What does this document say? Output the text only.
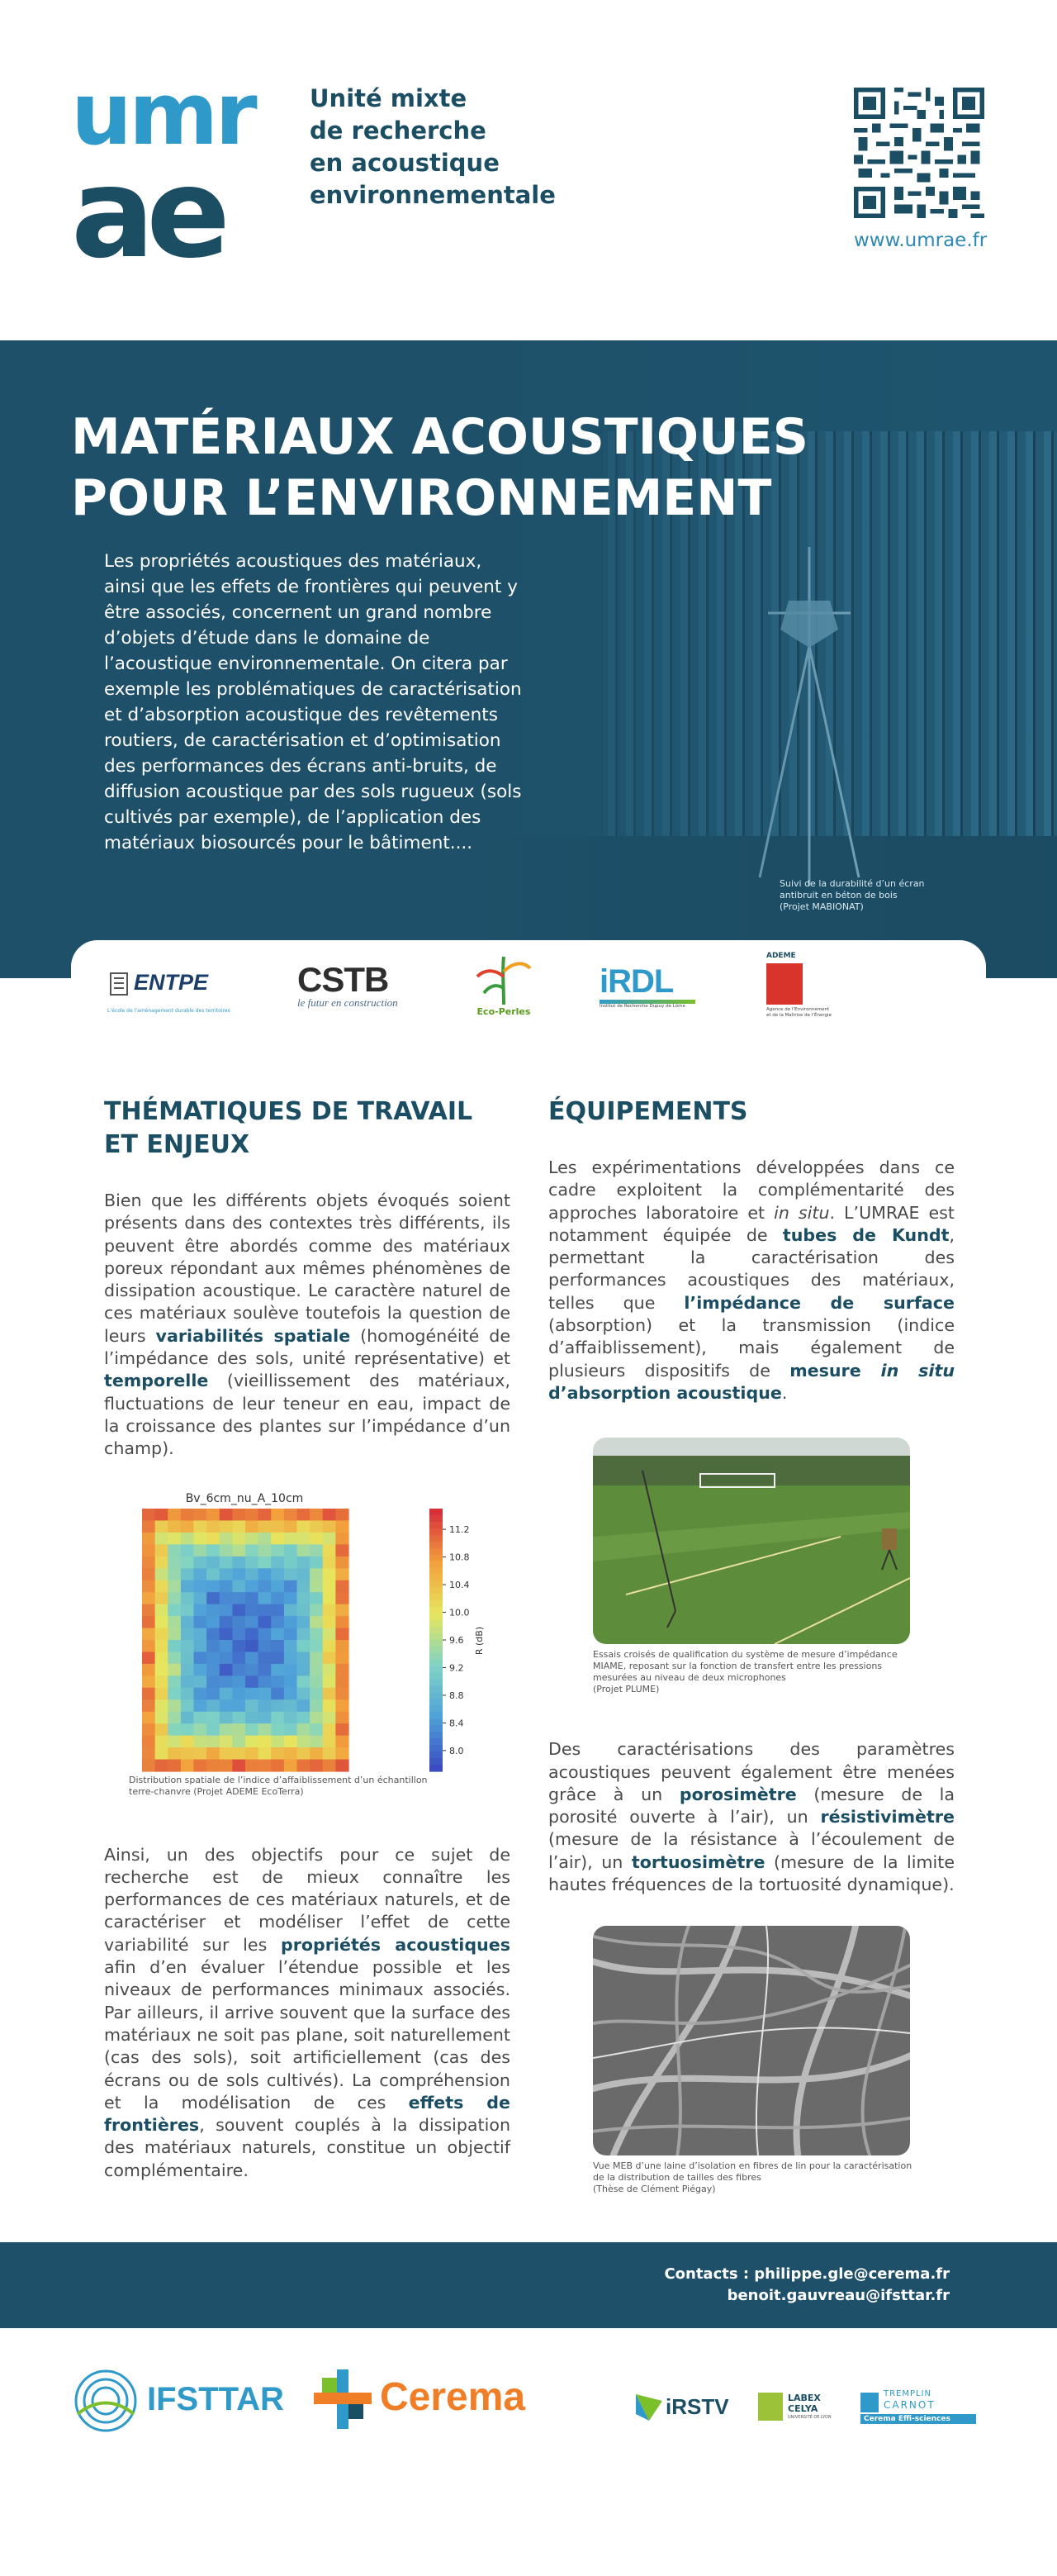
umr
ae
Unité mixte
de recherche
en acoustique
environnementale
www.umrae.fr
MATÉRIAUX ACOUSTIQUES
POUR L’ENVIRONNEMENT

Les propriétés acoustiques des matériaux, ainsi que les effets de frontières qui peuvent y être associés, concernent un grand nombre d’objets d’étude dans le domaine de l’acoustique environnementale. On citera par exemple les problématiques de caractérisation et d’absorption acoustique des revêtements routiers, de caractérisation et d’optimisation des performances des écrans anti-bruits, de diffusion acoustique par des sols rugueux (sols cultivés par exemple), de l’application des matériaux biosourcés pour le bâtiment....

Suivi de la durabilité d’un écran
antibruit en béton de bois
(Projet MABIONAT)
ENTPE
L’école de l’aménagement durable des territoires
CSTB
le futur en construction
Eco-Perles
iRDL
Institut de Recherche Dupuy de Lôme
ADEME
Agence de l’Environnement et de la Maîtrise de l’Énergie
THÉMATIQUES DE TRAVAIL ET ENJEUX

Bien que les différents objets évoqués soient présents dans des contextes très différents, ils peuvent être abordés comme des matériaux poreux répondant aux mêmes phénomènes de dissipation acoustique. Le caractère naturel de ces matériaux soulève toutefois la question de leurs variabilités spatiale (homogénéité de l’impédance des sols, unité représentative) et temporelle (vieillissement des matériaux, fluctuations de leur teneur en eau, impact de la croissance des plantes sur l’impédance d’un champ).

Bv_6cm_nu_A_10cm
11.2
10.8
10.4
10.0
9.6
9.2
8.8
8.4
8.0
R (dB)
Distribution spatiale de l’indice d’affaiblissement d’un échantillon
terre-chanvre (Projet ADEME EcoTerra)

Ainsi, un des objectifs pour ce sujet de recherche est de mieux connaître les performances de ces matériaux naturels, et de caractériser et modéliser l’effet de cette variabilité sur les propriétés acoustiques afin d’en évaluer l’étendue possible et les niveaux de performances minimaux associés. Par ailleurs, il arrive souvent que la surface des matériaux ne soit pas plane, soit naturellement (cas des sols), soit artificiellement (cas des écrans ou de sols cultivés). La compréhension et la modélisation de ces effets de frontières, souvent couplés à la dissipation des matériaux naturels, constitue un objectif complémentaire.

ÉQUIPEMENTS

Les expérimentations développées dans ce cadre exploitent la complémentarité des approches laboratoire et in situ. L’UMRAE est notamment équipée de tubes de Kundt, permettant la caractérisation des performances acoustiques des matériaux, telles que l’impédance de surface (absorption) et la transmission (indice d’affaiblissement), mais également de plusieurs dispositifs de mesure in situ d’absorption acoustique.

Essais croisés de qualification du système de mesure d’impédance
MIAME, reposant sur la fonction de transfert entre les pressions
mesurées au niveau de deux microphones
(Projet PLUME)

Des caractérisations des paramètres acoustiques peuvent également être menées grâce à un porosimètre (mesure de la porosité ouverte à l’air), un résistivimètre (mesure de la résistance à l’écoulement de l’air), un tortuosimètre (mesure de la limite hautes fréquences de la tortuosité dynamique).

Vue MEB d’une laine d’isolation en fibres de lin pour la caractérisation
de la distribution de tailles des fibres
(Thèse de Clément Piégay)
Contacts : philippe.gle@cerema.fr
benoit.gauvreau@ifsttar.fr
IFSTTAR Cerema	iRSTV	LABEX
CELYA
UNIVERSITÉ DE LYON
TREMPLIN
CARNOT
Cerema Effi-sciences
